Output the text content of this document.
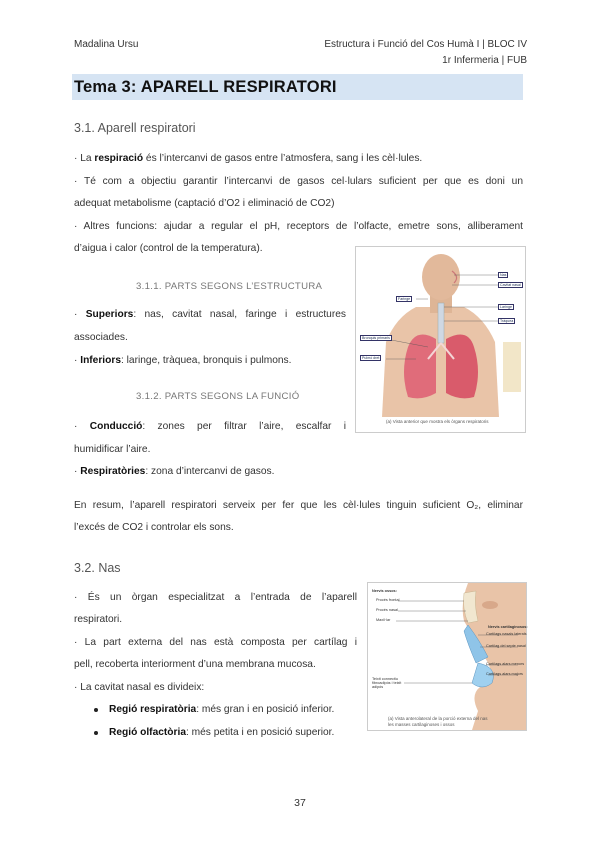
Madalina Ursu	Estructura i Funció del Cos Humà I | BLOC IV
1r Infermeria | FUB
Tema 3: APARELL RESPIRATORI
3.1. Aparell respiratori
· La respiració és l’intercanvi de gasos entre l’atmosfera, sang i les cèl·lules.
· Té com a objectiu garantir l’intercanvi de gasos cel·lulars suficient per que es doni un
adequat metabolisme (captació d’O2 i eliminació de CO2)
· Altres funcions: ajudar a regular el pH, receptors de l’olfacte, emetre sons, alliberament
d’aigua i calor (control de la temperatura).
3.1.1. PARTS SEGONS L’ESTRUCTURA
· Superiors: nas, cavitat nasal, faringe i estructures
associades.
· Inferiors: laringe, tràquea, bronquis i pulmons.
3.1.2. PARTS SEGONS LA FUNCIÓ
· Conducció: zones per filtrar l’aire, escalfar i
humidificar l’aire.
· Respiratòries: zona d’intercanvi de gasos.
En resum, l’aparell respiratori serveix per fer que les cèl·lules tinguin suficient O₂, eliminar
l’excés de CO2 i controlar els sons.
Nas
Cavitat nasal
Faringe
Laringe
Tràquea
Bronquis primaris
Pulmó dret
(a) Vista anterior que mostra els òrgans respiratoris
3.2. Nas
· És un òrgan especialitzat a l’entrada de l’aparell
respiratori.
· La part externa del nas està composta per cartílag i
pell, recoberta interiorment d’una membrana mucosa.
· La cavitat nasal es divideix:
Regió respiratòria: més gran i en posició inferior.
Regió olfactòria: més petita i en posició superior.
Nervis ossos:
Procés frontal
Procés nasal
Maxil·lar
Teixit connectiu fibroadipós i teixit adipós
Nervis cartilaginosos:
Cartílags nasals laterals
Cartílag del septe nasal
Cartílags alars menors
Cartílags alars majors
(a) Vista anterolateral de la porció externa del nas
les masses cartilaginoses i ossos
37
